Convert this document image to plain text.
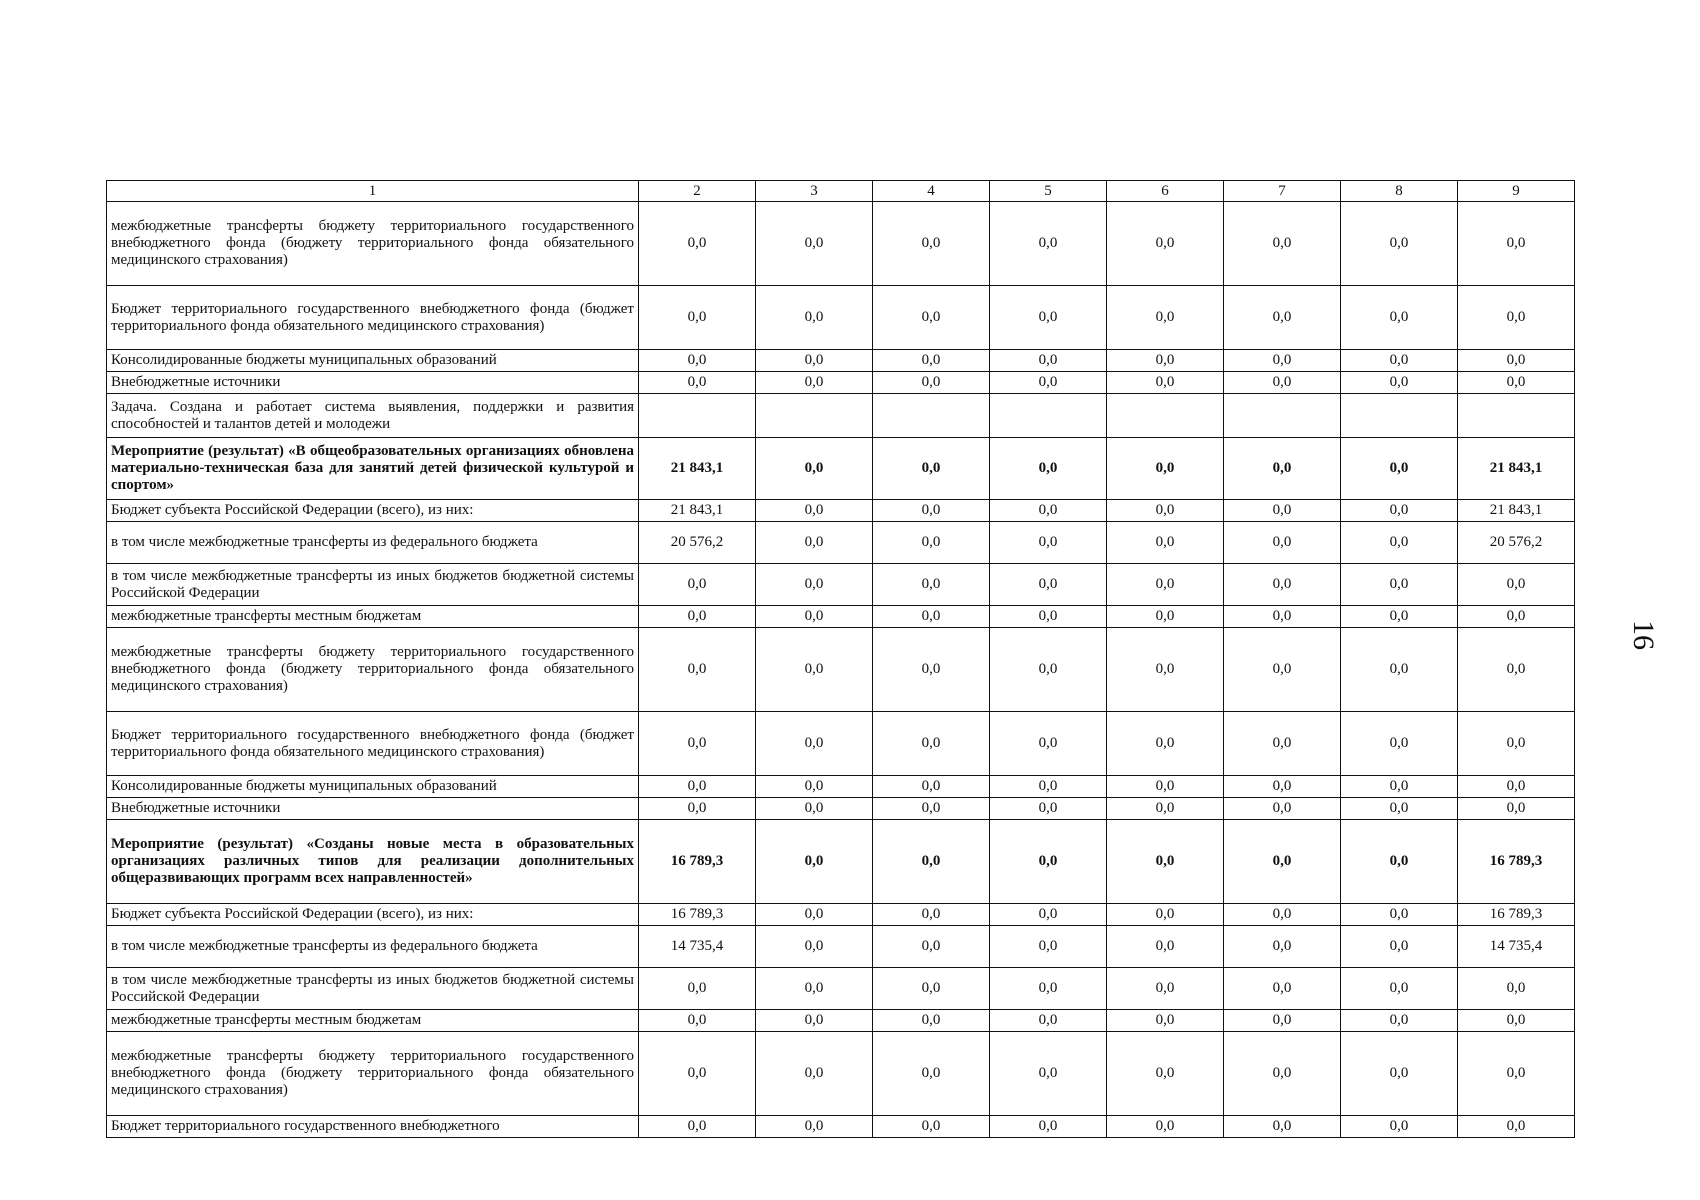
1	2	3	4	5	6	7	8	9
межбюджетные трансферты бюджету территориального государственного внебюджетного фонда (бюджету территориального фонда обязательного медицинского страхования)	0,0	0,0	0,0	0,0	0,0	0,0	0,0	0,0
Бюджет территориального государственного внебюджетного фонда (бюджет территориального фонда обязательного медицинского страхования)	0,0	0,0	0,0	0,0	0,0	0,0	0,0	0,0
Консолидированные бюджеты муниципальных образований	0,0	0,0	0,0	0,0	0,0	0,0	0,0	0,0
Внебюджетные источники	0,0	0,0	0,0	0,0	0,0	0,0	0,0	0,0
Задача. Создана и работает система выявления, поддержки и развития способностей и талантов детей и молодежи								
Мероприятие (результат) «В общеобразовательных организациях обновлена материально-техническая база для занятий детей физической культурой и спортом»	21 843,1	0,0	0,0	0,0	0,0	0,0	0,0	21 843,1
Бюджет субъекта Российской Федерации (всего), из них:	21 843,1	0,0	0,0	0,0	0,0	0,0	0,0	21 843,1
в том числе межбюджетные трансферты из федерального бюджета	20 576,2	0,0	0,0	0,0	0,0	0,0	0,0	20 576,2
в том числе межбюджетные трансферты из иных бюджетов бюджетной системы Российской Федерации	0,0	0,0	0,0	0,0	0,0	0,0	0,0	0,0
межбюджетные трансферты местным бюджетам	0,0	0,0	0,0	0,0	0,0	0,0	0,0	0,0
межбюджетные трансферты бюджету территориального государственного внебюджетного фонда (бюджету территориального фонда обязательного медицинского страхования)	0,0	0,0	0,0	0,0	0,0	0,0	0,0	0,0
Бюджет территориального государственного внебюджетного фонда (бюджет территориального фонда обязательного медицинского страхования)	0,0	0,0	0,0	0,0	0,0	0,0	0,0	0,0
Консолидированные бюджеты муниципальных образований	0,0	0,0	0,0	0,0	0,0	0,0	0,0	0,0
Внебюджетные источники	0,0	0,0	0,0	0,0	0,0	0,0	0,0	0,0
Мероприятие (результат) «Созданы новые места в образовательных организациях различных типов для реализации дополнительных общеразвивающих программ всех направленностей»	16 789,3	0,0	0,0	0,0	0,0	0,0	0,0	16 789,3
Бюджет субъекта Российской Федерации (всего), из них:	16 789,3	0,0	0,0	0,0	0,0	0,0	0,0	16 789,3
в том числе межбюджетные трансферты из федерального бюджета	14 735,4	0,0	0,0	0,0	0,0	0,0	0,0	14 735,4
в том числе межбюджетные трансферты из иных бюджетов бюджетной системы Российской Федерации	0,0	0,0	0,0	0,0	0,0	0,0	0,0	0,0
межбюджетные трансферты местным бюджетам	0,0	0,0	0,0	0,0	0,0	0,0	0,0	0,0
межбюджетные трансферты бюджету территориального государственного внебюджетного фонда (бюджету территориального фонда обязательного медицинского страхования)	0,0	0,0	0,0	0,0	0,0	0,0	0,0	0,0
Бюджет территориального государственного внебюджетного	0,0	0,0	0,0	0,0	0,0	0,0	0,0	0,0
16
